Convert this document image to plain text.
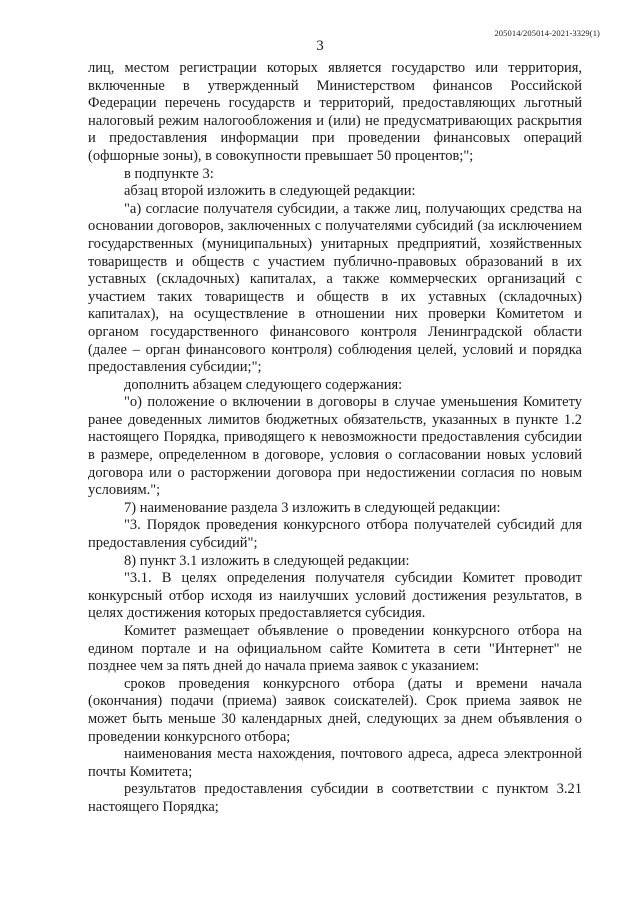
205014/205014-2021-3329(1)
3

лиц, местом регистрации которых является государство или территория, включенные в утвержденный Министерством финансов Российской Федерации перечень государств и территорий, предоставляющих льготный налоговый режим налогообложения и (или) не предусматривающих раскрытия и предоставления информации при проведении финансовых операций (офшорные зоны), в совокупности превышает 50 процентов;";

в подпункте 3:

абзац второй изложить в следующей редакции:

"а) согласие получателя субсидии, а также лиц, получающих средства на основании договоров, заключенных с получателями субсидий (за исключением государственных (муниципальных) унитарных предприятий, хозяйственных товариществ и обществ с участием публично-правовых образований в их уставных (складочных) капиталах, а также коммерческих организаций с участием таких товариществ и обществ в их уставных (складочных) капиталах), на осуществление в отношении них проверки Комитетом и органом государственного финансового контроля Ленинградской области (далее – орган финансового контроля) соблюдения целей, условий и порядка предоставления субсидии;";

дополнить абзацем следующего содержания:

"о) положение о включении в договоры в случае уменьшения Комитету ранее доведенных лимитов бюджетных обязательств, указанных в пункте 1.2 настоящего Порядка, приводящего к невозможности предоставления субсидии в размере, определенном в договоре, условия о согласовании новых условий договора или о расторжении договора при недостижении согласия по новым условиям.";

7) наименование раздела 3 изложить в следующей редакции:

"3. Порядок проведения конкурсного отбора получателей субсидий для предоставления субсидий";

8) пункт 3.1 изложить в следующей редакции:

"3.1. В целях определения получателя субсидии Комитет проводит конкурсный отбор исходя из наилучших условий достижения результатов, в целях достижения которых предоставляется субсидия.

Комитет размещает объявление о проведении конкурсного отбора на едином портале и на официальном сайте Комитета в сети "Интернет" не позднее чем за пять дней до начала приема заявок с указанием:

сроков проведения конкурсного отбора (даты и времени начала (окончания) подачи (приема) заявок соискателей). Срок приема заявок не может быть меньше 30 календарных дней, следующих за днем объявления о проведении конкурсного отбора;

наименования места нахождения, почтового адреса, адреса электронной почты Комитета;

результатов предоставления субсидии в соответствии с пунктом 3.21 настоящего Порядка;
